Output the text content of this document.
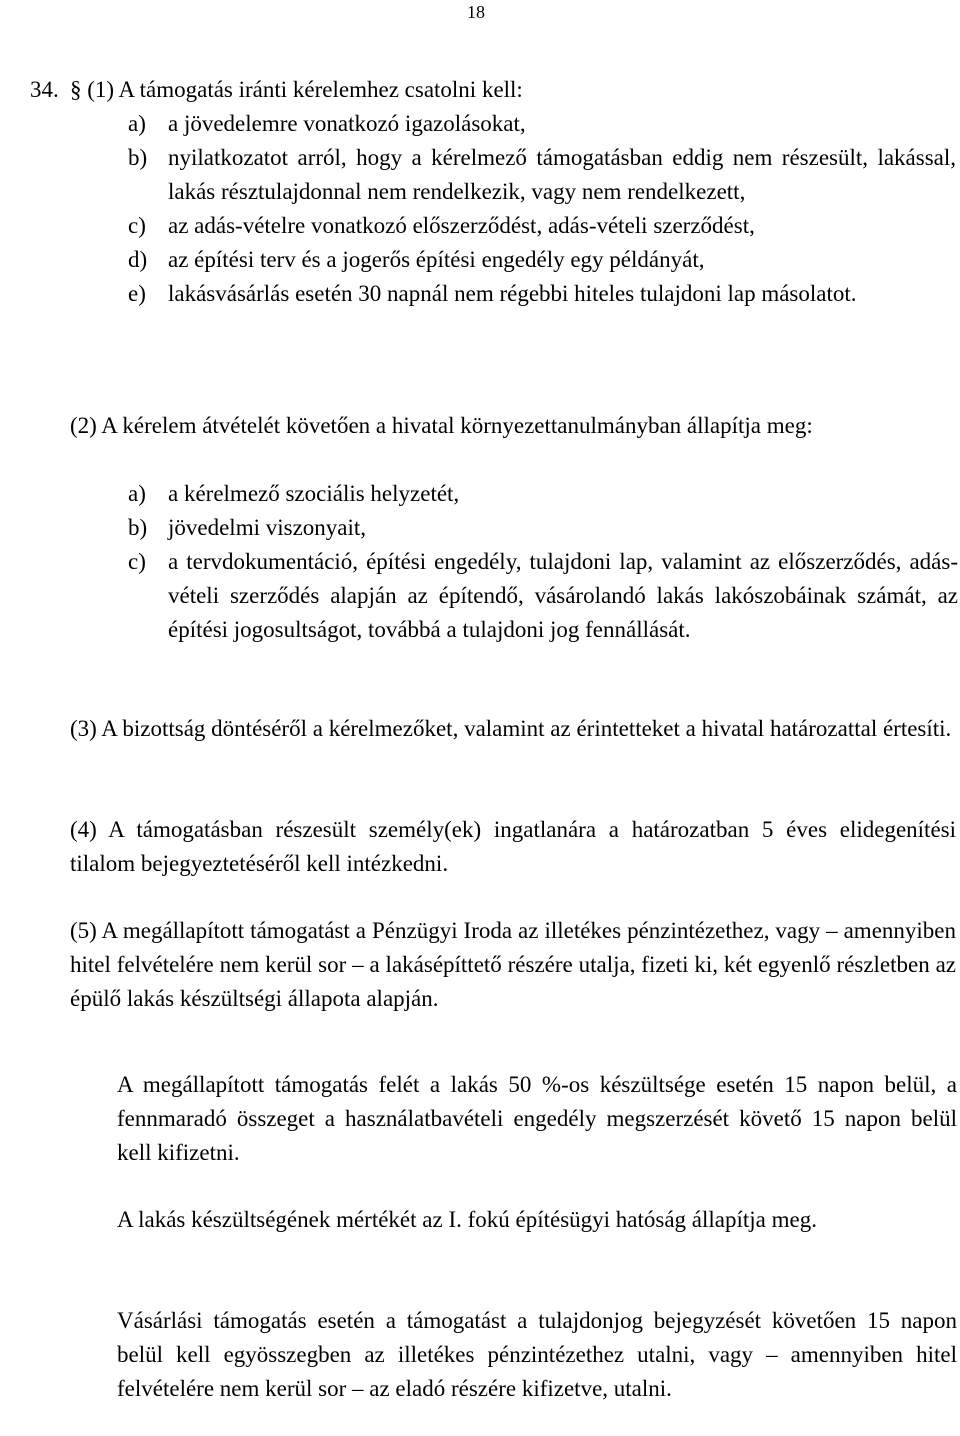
18
34. § (1) A támogatás iránti kérelemhez csatolni kell:
a) a jövedelemre vonatkozó igazolásokat,
b) nyilatkozatot arról, hogy a kérelmező támogatásban eddig nem részesült, lakással, lakás résztulajdonnal nem rendelkezik, vagy nem rendelkezett,
c) az adás-vételre vonatkozó előszerződést, adás-vételi szerződést,
d) az építési terv és a jogerős építési engedély egy példányát,
e) lakásvásárlás esetén 30 napnál nem régebbi hiteles tulajdoni lap másolatot.

(2) A kérelem átvételét követően a hivatal környezettanulmányban állapítja meg:

a) a kérelmező szociális helyzetét,
b) jövedelmi viszonyait,
c) a tervdokumentáció, építési engedély, tulajdoni lap, valamint az előszerződés, adás-vételi szerződés alapján az építendő, vásárolandó lakás lakószobáinak számát, az építési jogosultságot, továbbá a tulajdoni jog fennállását.

(3) A bizottság döntéséről a kérelmezőket, valamint az érintetteket a hivatal határozattal értesíti.

(4) A támogatásban részesült személy(ek) ingatlanára a határozatban 5 éves elidegenítési tilalom bejegyeztetéséről kell intézkedni.

(5) A megállapított támogatást a Pénzügyi Iroda az illetékes pénzintézethez, vagy – amennyiben hitel felvételére nem kerül sor – a lakásépíttető részére utalja, fizeti ki, két egyenlő részletben az épülő lakás készültségi állapota alapján.

A megállapított támogatás felét a lakás 50 %-os készültsége esetén 15 napon belül, a fennmaradó összeget a használatbavételi engedély megszerzését követő 15 napon belül kell kifizetni.

A lakás készültségének mértékét az I. fokú építésügyi hatóság állapítja meg.

Vásárlási támogatás esetén a támogatást a tulajdonjog bejegyzését követően 15 napon belül kell egyösszegben az illetékes pénzintézethez utalni, vagy – amennyiben hitel felvételére nem kerül sor – az eladó részére kifizetve, utalni.
